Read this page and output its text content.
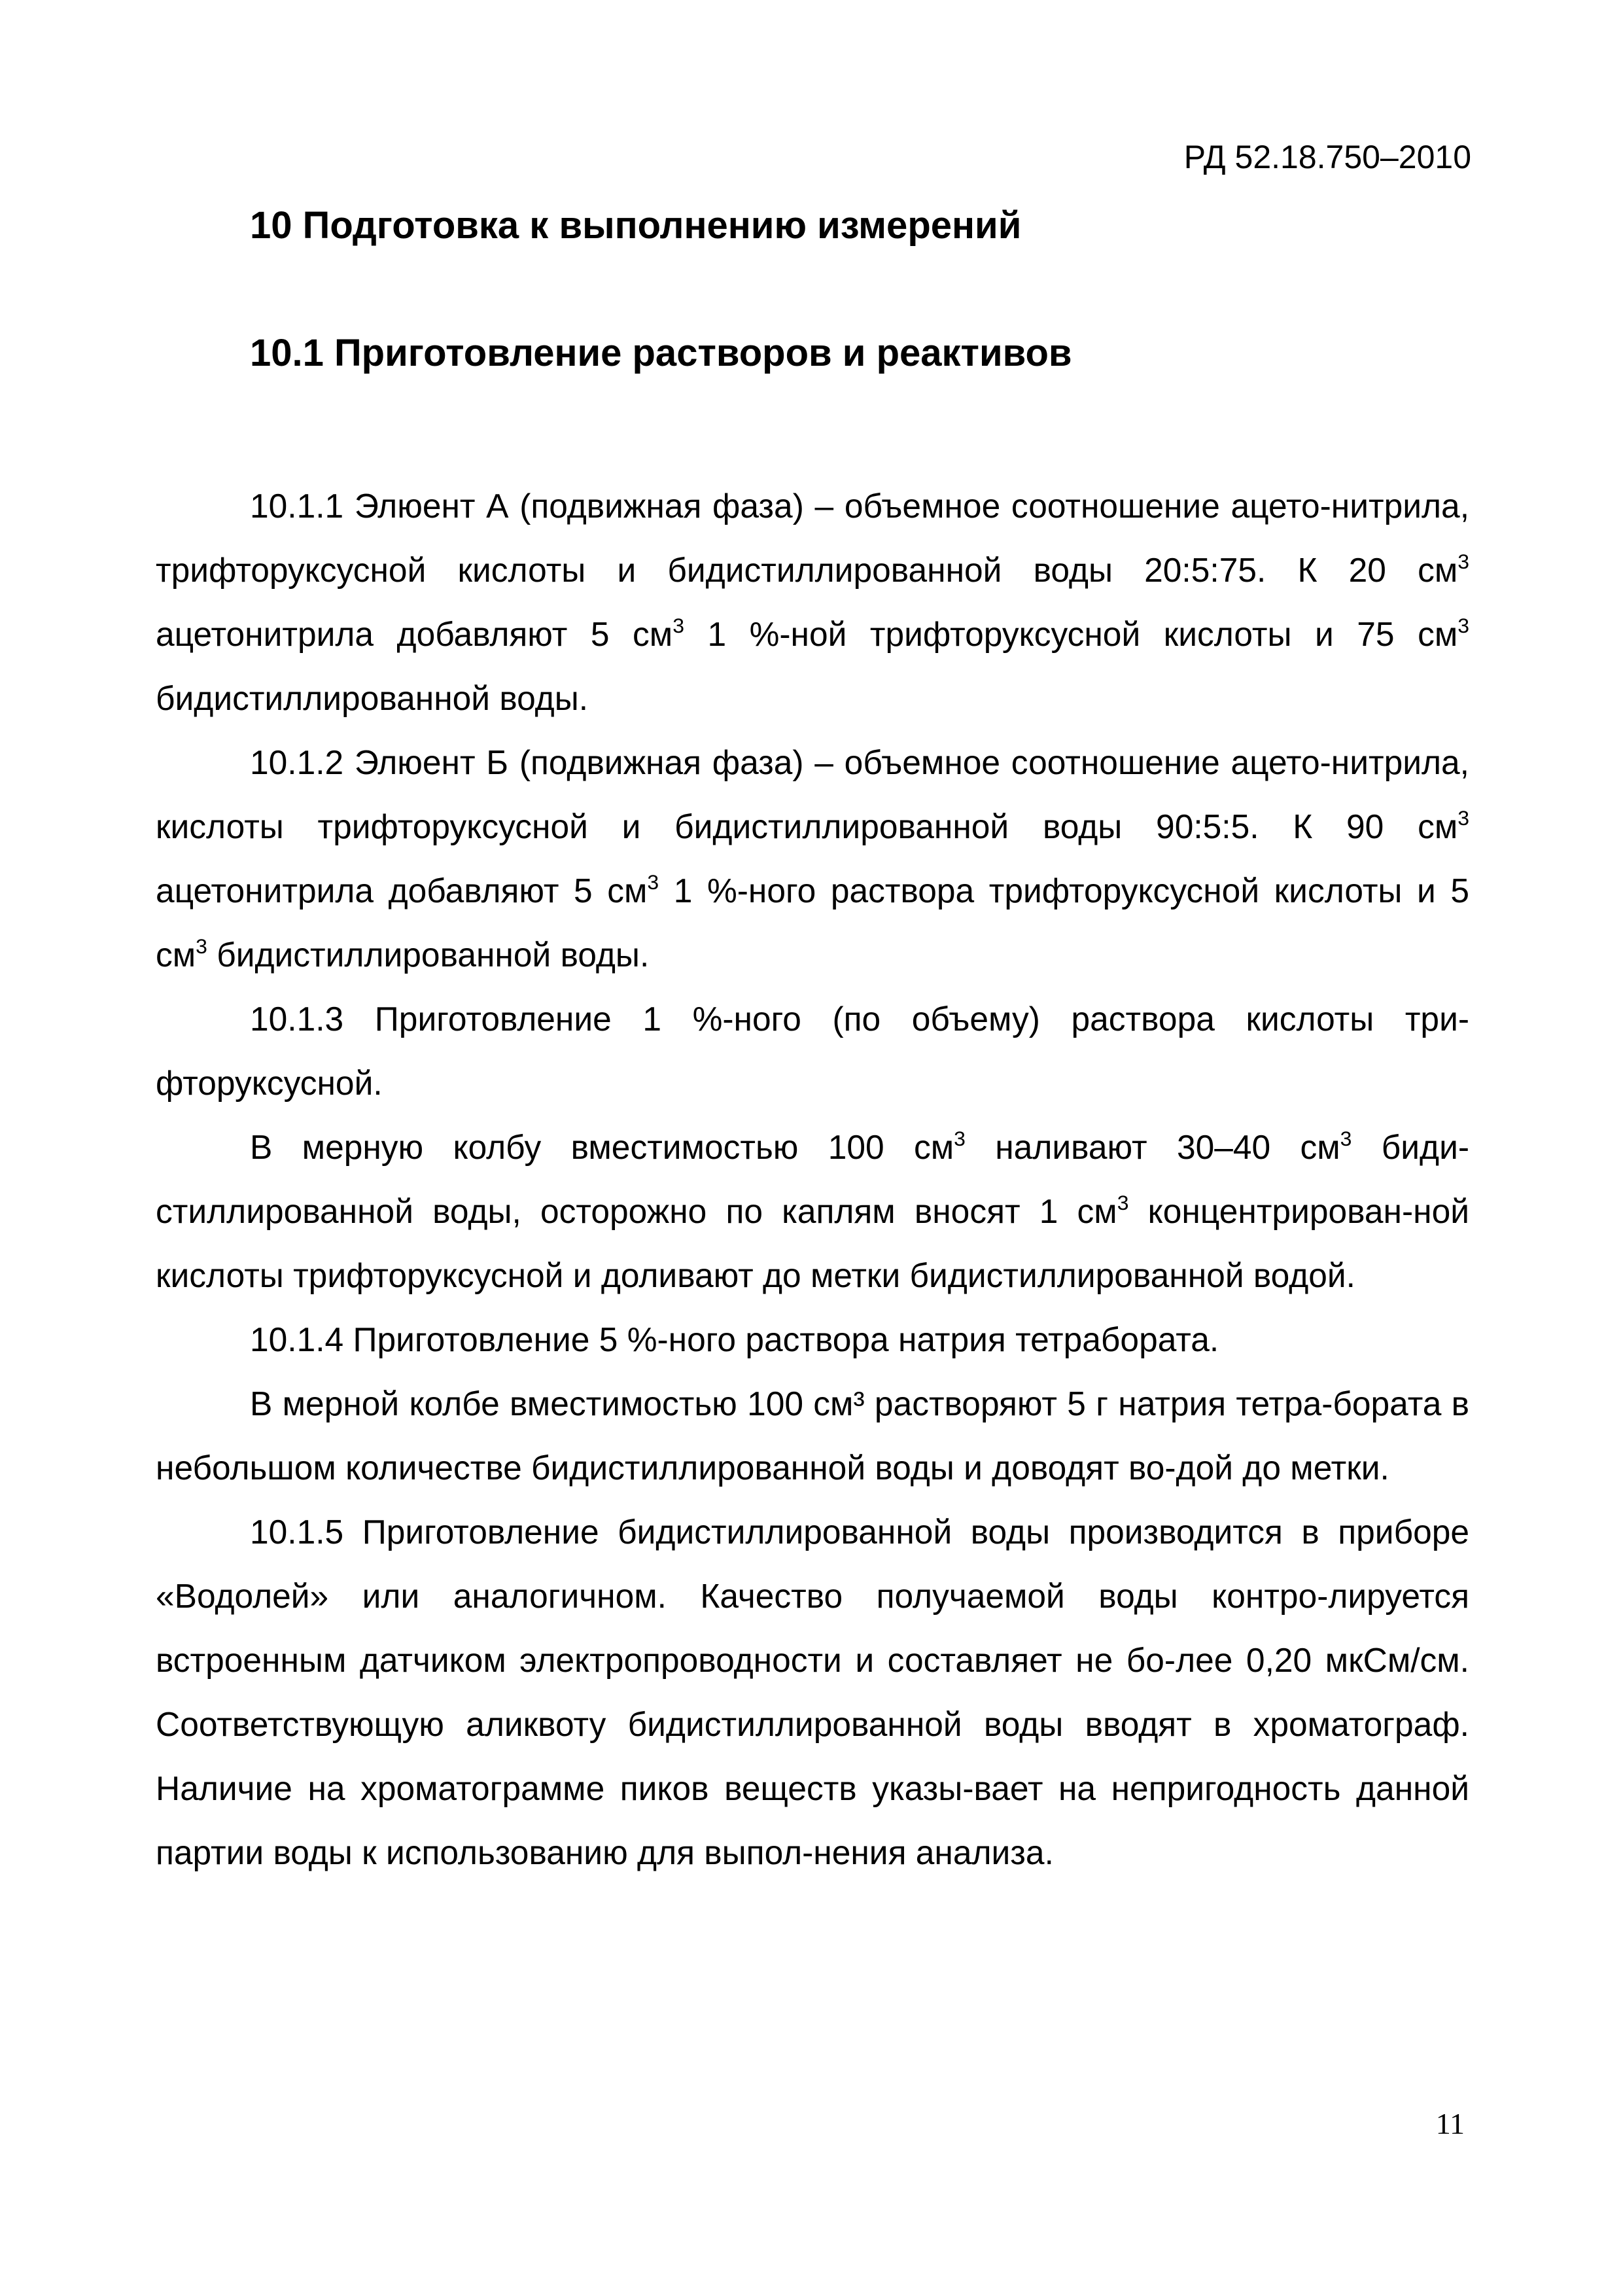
РД 52.18.750–2010
10 Подготовка к выполнению измерений
10.1 Приготовление растворов и реактивов

10.1.1 Элюент А (подвижная фаза) – объемное соотношение ацето-нитрила, трифторуксусной кислоты и бидистиллированной воды 20:5:75. К 20 $см^3$ ацетонитрила добавляют 5 $см^3$ 1 %-ной трифторуксусной кислоты и 75 $см^3$ бидистиллированной воды.

10.1.2 Элюент Б (подвижная фаза) – объемное соотношение ацето-нитрила, кислоты трифторуксусной и бидистиллированной воды 90:5:5. К 90 $см^3$ ацетонитрила добавляют 5 $см^3$ 1 %-ного раствора трифторуксусной кислоты и 5 $см^3$ бидистиллированной воды.

10.1.3 Приготовление 1 %-ного (по объему) раствора кислоты три-фторуксусной.

В мерную колбу вместимостью 100 $см^3$ наливают 30–40 $см^3$ биди-стиллированной воды, осторожно по каплям вносят 1 $см^3$ концентрирован-ной кислоты трифторуксусной и доливают до метки бидистиллированной водой.

10.1.4 Приготовление 5 %-ного раствора натрия тетрабората.

В мерной колбе вместимостью 100 см³ растворяют 5 г натрия тетра-бората в небольшом количестве бидистиллированной воды и доводят во-дой до метки.

10.1.5 Приготовление бидистиллированной воды производится в приборе «Водолей» или аналогичном. Качество получаемой воды контро-лируется встроенным датчиком электропроводности и составляет не бо-лее 0,20 мкСм/см. Соответствующую аликвоту бидистиллированной воды вводят в хроматограф. Наличие на хроматограмме пиков веществ указы-вает на непригодность данной партии воды к использованию для выпол-нения анализа.

11
